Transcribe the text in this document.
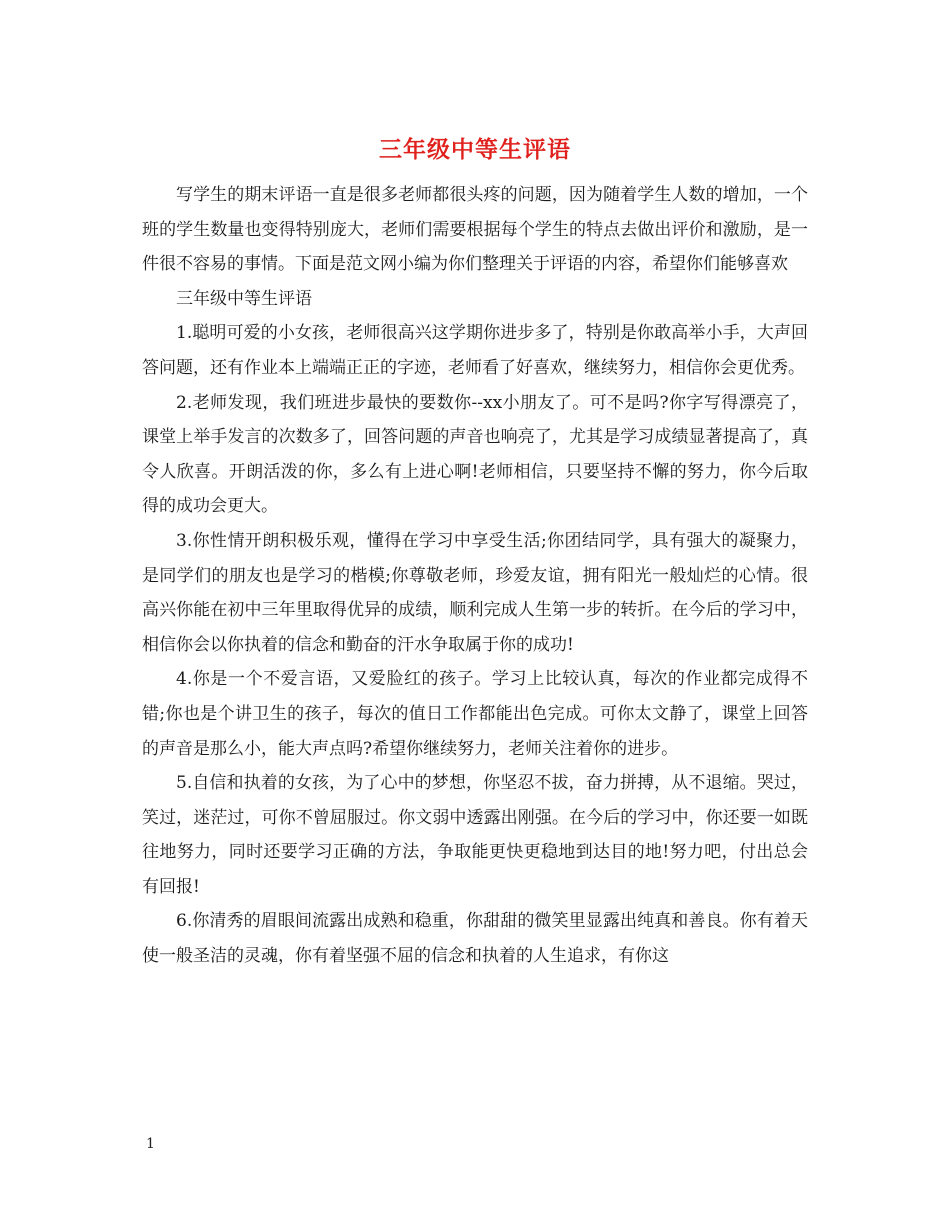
三年级中等生评语

写学生的期末评语一直是很多老师都很头疼的问题，因为随着学生人数的增加，一个班的学生数量也变得特别庞大，老师们需要根据每个学生的特点去做出评价和激励，是一件很不容易的事情。下面是范文网小编为你们整理关于评语的内容，希望你们能够喜欢

三年级中等生评语

1.聪明可爱的小女孩，老师很高兴这学期你进步多了，特别是你敢高举小手，大声回答问题，还有作业本上端端正正的字迹，老师看了好喜欢，继续努力，相信你会更优秀。

2.老师发现，我们班进步最快的要数你--xx小朋友了。可不是吗?你字写得漂亮了，课堂上举手发言的次数多了，回答问题的声音也响亮了，尤其是学习成绩显著提高了，真令人欣喜。开朗活泼的你，多么有上进心啊!老师相信，只要坚持不懈的努力，你今后取得的成功会更大。

3.你性情开朗积极乐观，懂得在学习中享受生活;你团结同学，具有强大的凝聚力，是同学们的朋友也是学习的楷模;你尊敬老师，珍爱友谊，拥有阳光一般灿烂的心情。很高兴你能在初中三年里取得优异的成绩，顺利完成人生第一步的转折。在今后的学习中，相信你会以你执着的信念和勤奋的汗水争取属于你的成功!

4.你是一个不爱言语，又爱脸红的孩子。学习上比较认真，每次的作业都完成得不错;你也是个讲卫生的孩子，每次的值日工作都能出色完成。可你太文静了，课堂上回答的声音是那么小，能大声点吗?希望你继续努力，老师关注着你的进步。

5.自信和执着的女孩，为了心中的梦想，你坚忍不拔，奋力拼搏，从不退缩。哭过，笑过，迷茫过，可你不曾屈服过。你文弱中透露出刚强。在今后的学习中，你还要一如既往地努力，同时还要学习正确的方法，争取能更快更稳地到达目的地!努力吧，付出总会有回报!

6.你清秀的眉眼间流露出成熟和稳重，你甜甜的微笑里显露出纯真和善良。你有着天使一般圣洁的灵魂，你有着坚强不屈的信念和执着的人生追求，有你这

1
